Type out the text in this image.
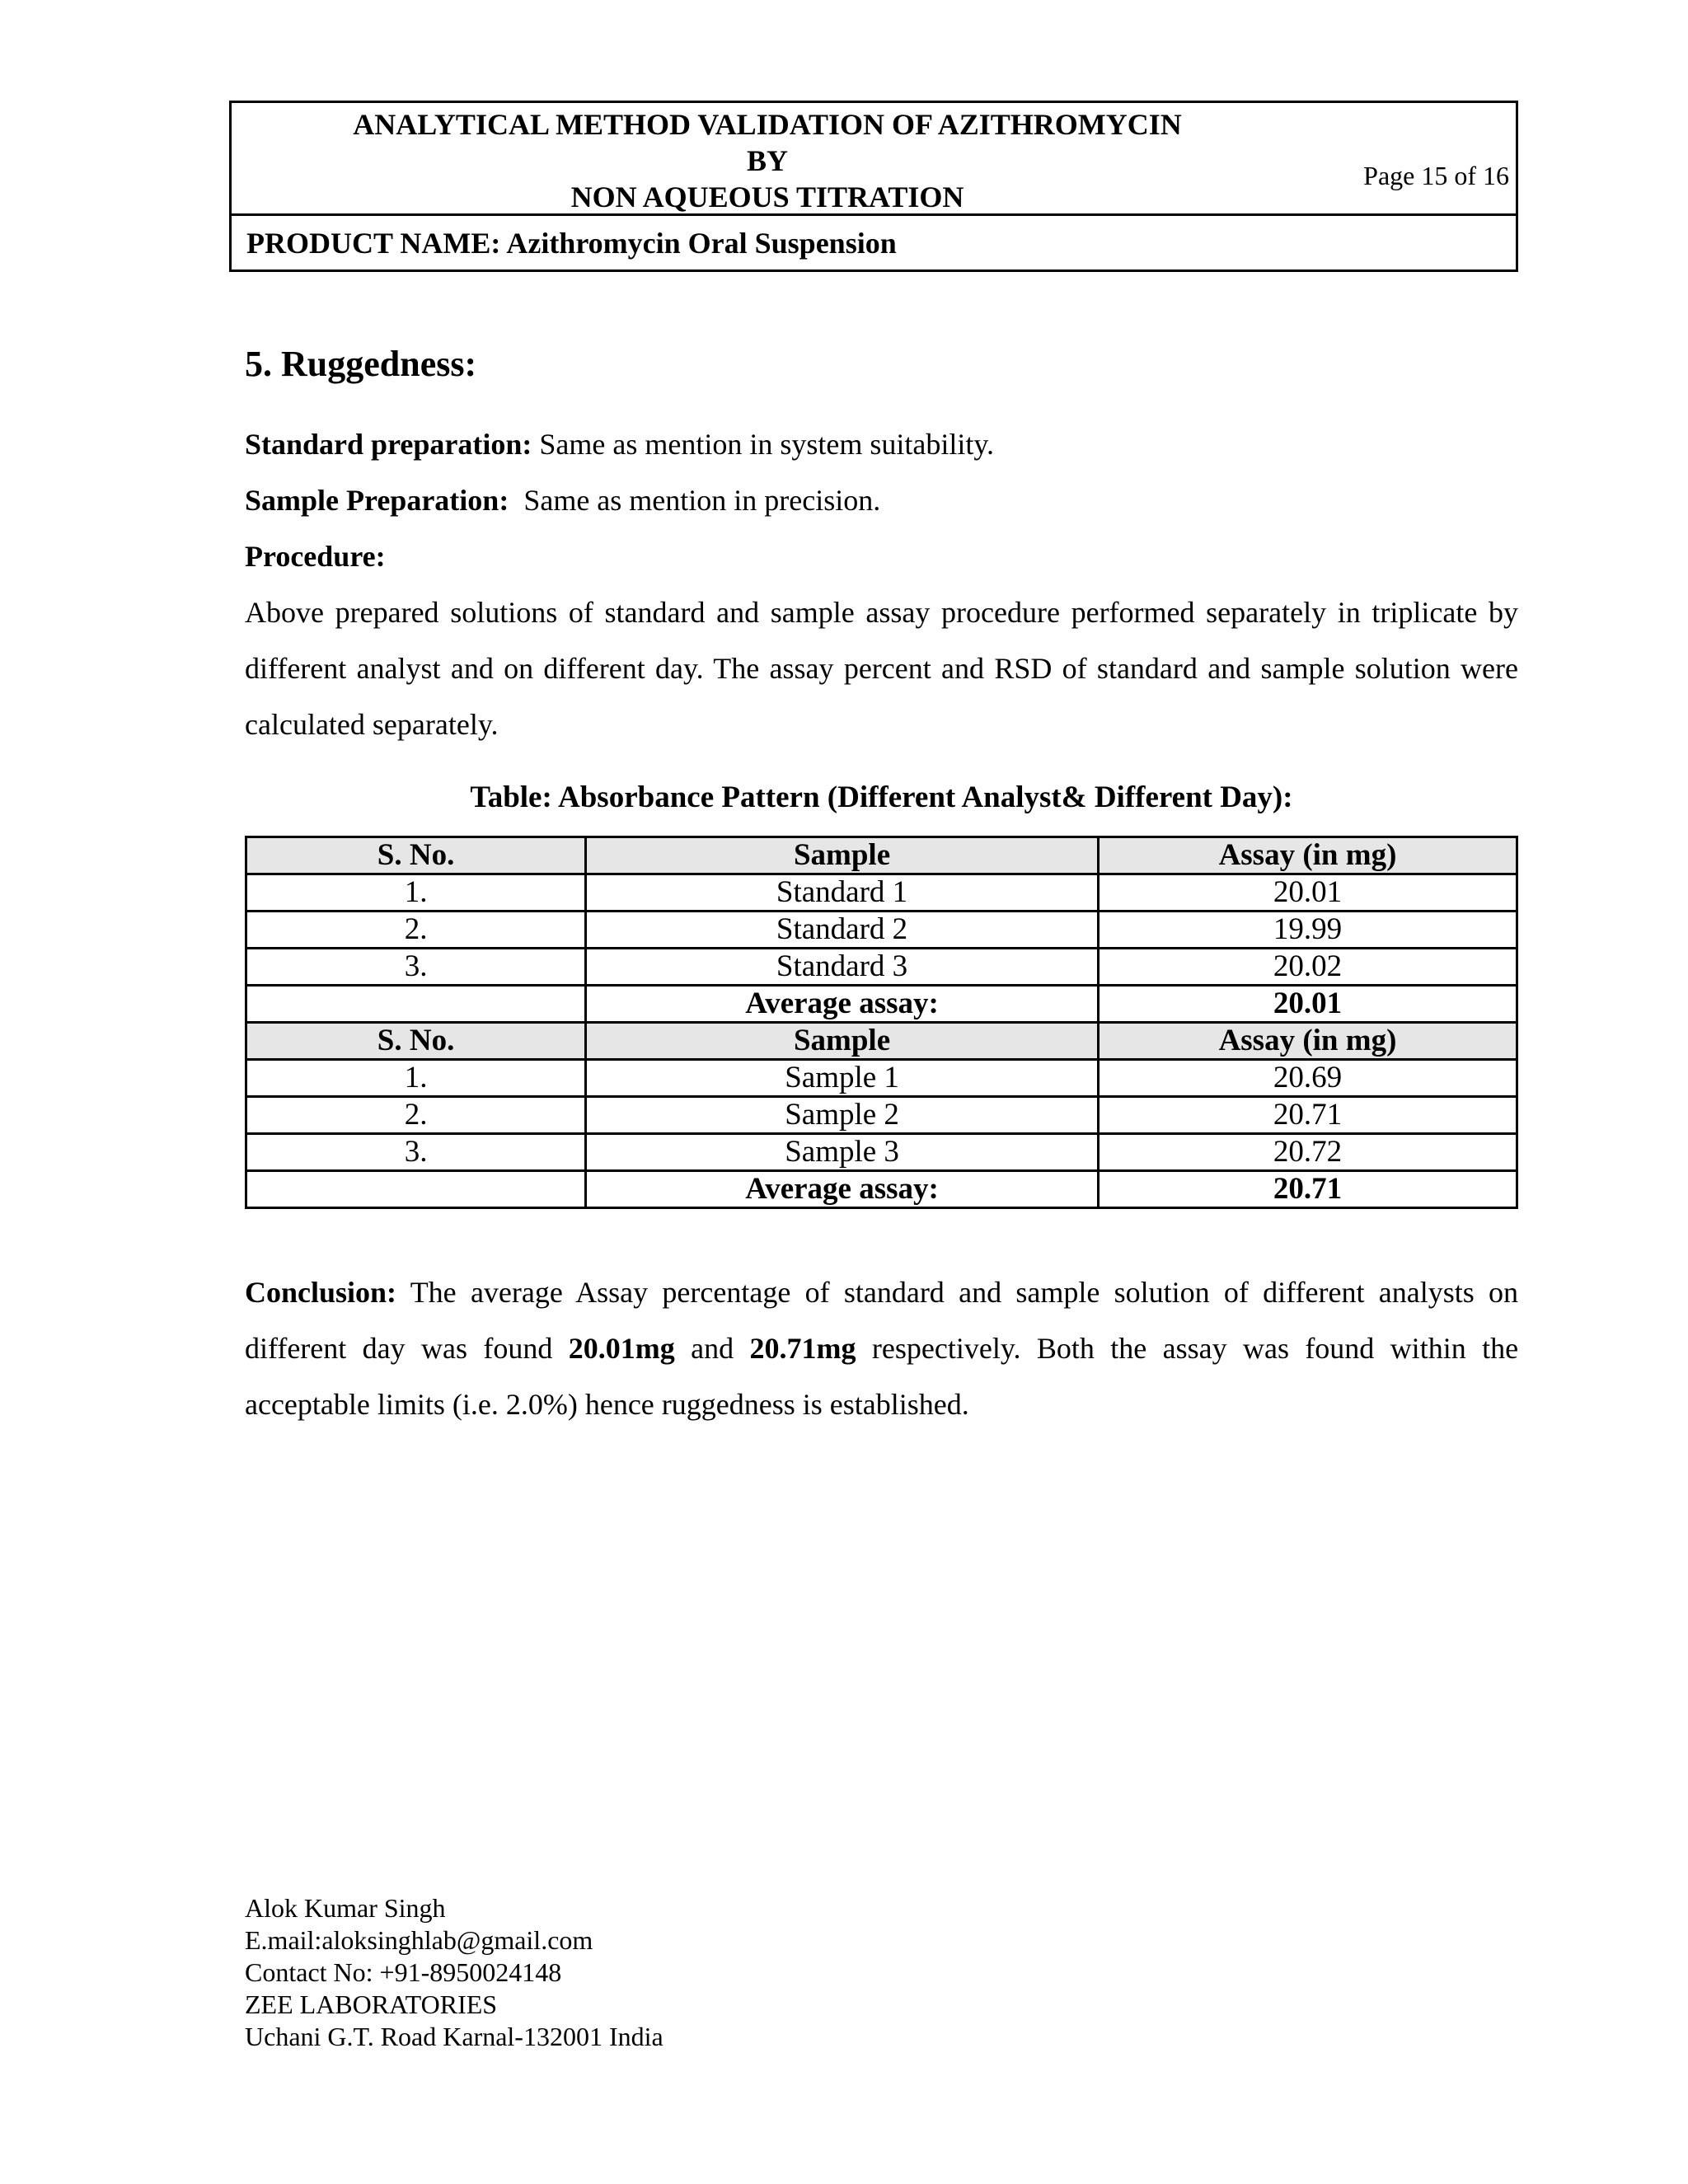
ANALYTICAL METHOD VALIDATION OF AZITHROMYCIN
BY
NON AQUEOUS TITRATION
Page 15 of 16
PRODUCT NAME: Azithromycin Oral Suspension
5. Ruggedness:
Standard preparation: Same as mention in system suitability.
Sample Preparation: Same as mention in precision.
Procedure:
Above prepared solutions of standard and sample assay procedure performed separately in triplicate by different analyst and on different day. The assay percent and RSD of standard and sample solution were calculated separately.
Table: Absorbance Pattern (Different Analyst& Different Day):
S. No.	Sample	Assay (in mg)
1.	Standard 1	20.01
2.	Standard 2	19.99
3.	Standard 3	20.02
	Average assay:	20.01
S. No.	Sample	Assay (in mg)
1.	Sample 1	20.69
2.	Sample 2	20.71
3.	Sample 3	20.72
	Average assay:	20.71
Conclusion: The average Assay percentage of standard and sample solution of different analysts on different day was found 20.01mg and 20.71mg respectively. Both the assay was found within the acceptable limits (i.e. 2.0%) hence ruggedness is established.
Alok Kumar Singh
E.mail:aloksinghlab@gmail.com
Contact No: +91-8950024148
ZEE LABORATORIES
Uchani G.T. Road Karnal-132001 India
